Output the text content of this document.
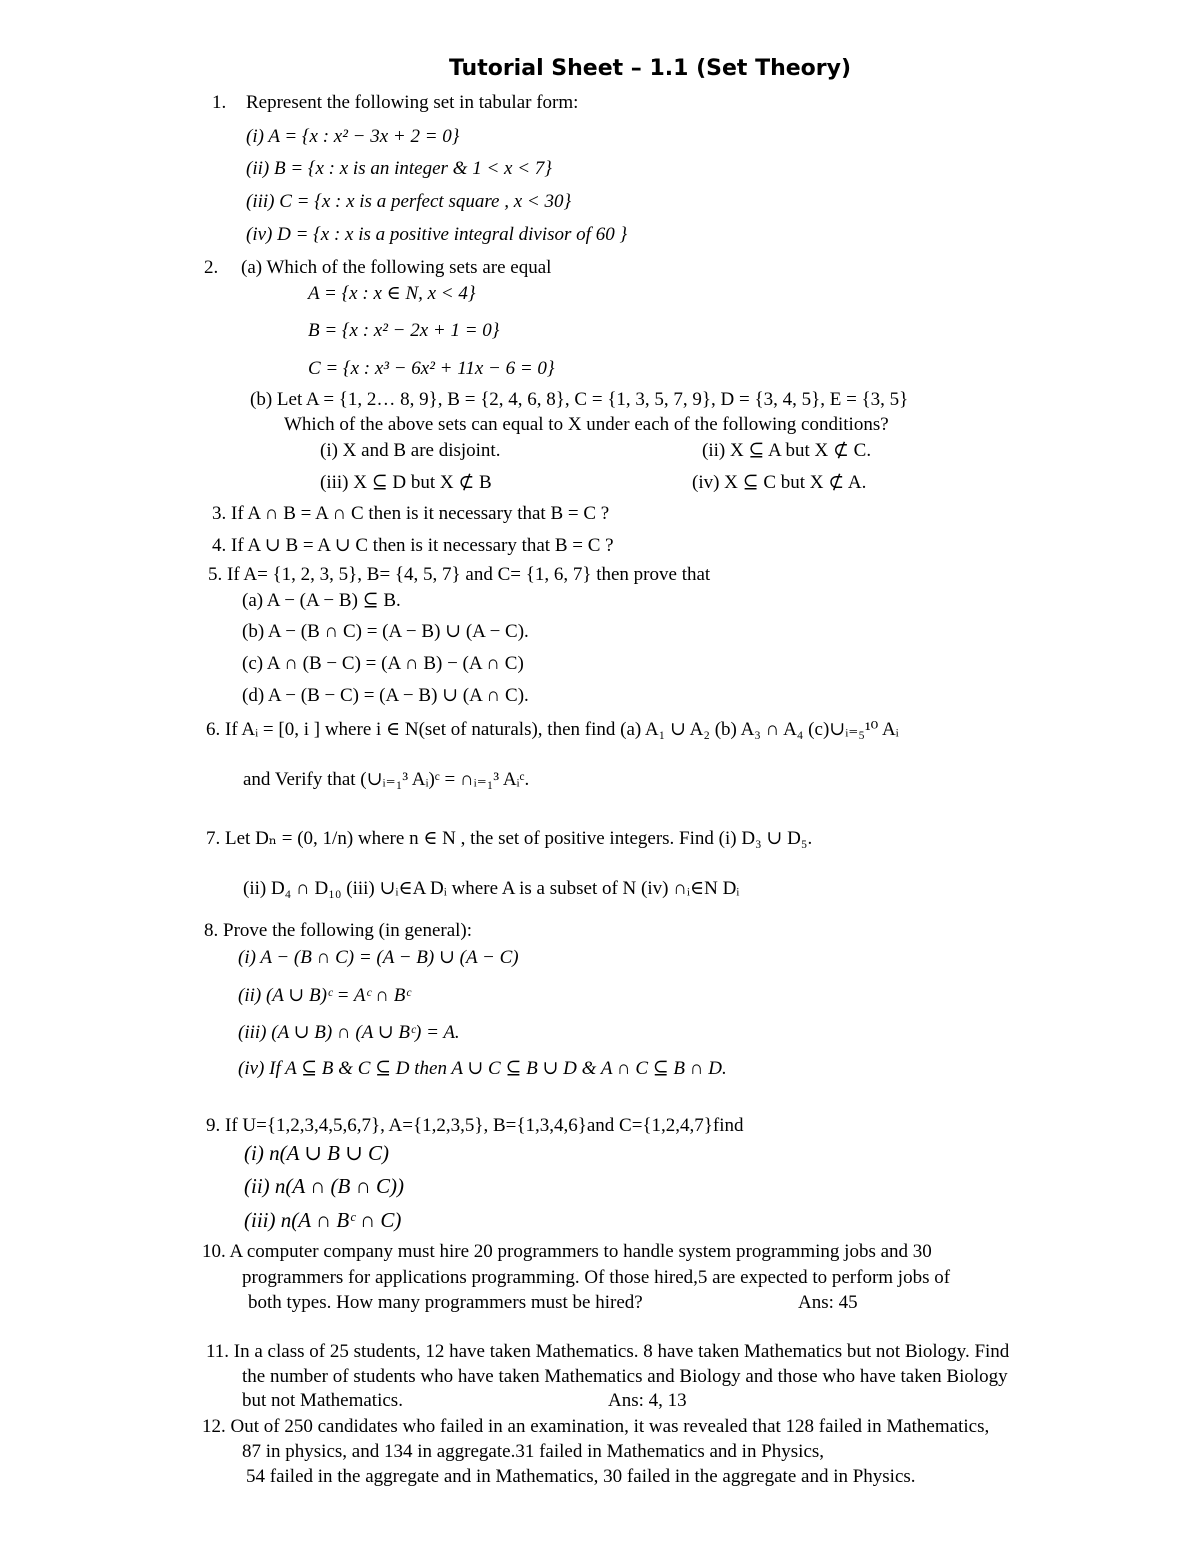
Tutorial Sheet – 1.1 (Set Theory)
1. Represent the following set in tabular form:
(i) A = {x : x² − 3x + 2 = 0}
(ii) B = {x : x is an integer & 1 < x < 7}
(iii) C = {x : x is a perfect square , x < 30}
(iv) D = {x : x is a positive integral divisor of 60 }
2. (a) Which of the following sets are equal
A = {x : x ∈ N, x < 4}
B = {x : x² − 2x + 1 = 0}
C = {x : x³ − 6x² + 11x − 6 = 0}
(b) Let A = {1, 2… 8, 9}, B = {2, 4, 6, 8}, C = {1, 3, 5, 7, 9}, D = {3, 4, 5}, E = {3, 5}
Which of the above sets can equal to X under each of the following conditions?
(i) X and B are disjoint.	(ii) X ⊆ A but X ⊄ C.
(iii) X ⊆ D but X ⊄ B	(iv) X ⊆ C but X ⊄ A.
3. If A ∩ B = A ∩ C then is it necessary that B = C ?
4. If A ∪ B = A ∪ C then is it necessary that B = C ?
5. If A= {1, 2, 3, 5}, B= {4, 5, 7} and C= {1, 6, 7} then prove that
(a) A − (A − B) ⊆ B.
(b) A − (B ∩ C) = (A − B) ∪ (A − C).
(c) A ∩ (B − C) = (A ∩ B) − (A ∩ C)
(d) A − (B − C) = (A − B) ∪ (A ∩ C).
6. If Aᵢ = [0, i ] where i ∈ N(set of naturals), then find (a) A₁ ∪ A₂ (b) A₃ ∩ A₄ (c)∪ᵢ₌₅¹⁰ Aᵢ
and Verify that (∪ᵢ₌₁³ Aᵢ)ᶜ = ∩ᵢ₌₁³ Aᵢᶜ.
7. Let Dₙ = (0, 1/n) where n ∈ N , the set of positive integers. Find (i) D₃ ∪ D₅.
(ii) D₄ ∩ D₁₀ (iii) ∪ᵢ∈A Dᵢ where A is a subset of N (iv) ∩ᵢ∈N Dᵢ
8. Prove the following (in general):
(i) A − (B ∩ C) = (A − B) ∪ (A − C)
(ii) (A ∪ B)ᶜ = Aᶜ ∩ Bᶜ
(iii) (A ∪ B) ∩ (A ∪ Bᶜ) = A.
(iv) If A ⊆ B & C ⊆ D then A ∪ C ⊆ B ∪ D & A ∩ C ⊆ B ∩ D.
9. If U={1,2,3,4,5,6,7}, A={1,2,3,5}, B={1,3,4,6}and C={1,2,4,7}find
(i) n(A ∪ B ∪ C)
(ii) n(A ∩ (B ∩ C))
(iii) n(A ∩ Bᶜ ∩ C)
10. A computer company must hire 20 programmers to handle system programming jobs and 30
programmers for applications programming. Of those hired,5 are expected to perform jobs of
both types. How many programmers must be hired?	Ans: 45
11. In a class of 25 students, 12 have taken Mathematics. 8 have taken Mathematics but not Biology. Find
the number of students who have taken Mathematics and Biology and those who have taken Biology
but not Mathematics.	Ans: 4, 13
12. Out of 250 candidates who failed in an examination, it was revealed that 128 failed in Mathematics,
87 in physics, and 134 in aggregate.31 failed in Mathematics and in Physics,
54 failed in the aggregate and in Mathematics, 30 failed in the aggregate and in Physics.
